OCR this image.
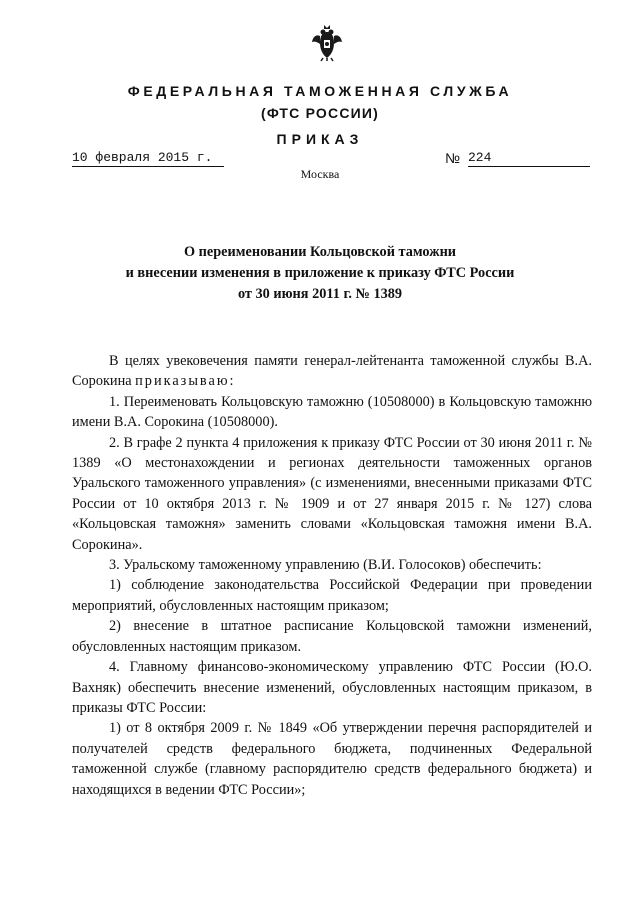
ФЕДЕРАЛЬНАЯ ТАМОЖЕННАЯ СЛУЖБА
(ФТС РОССИИ)
ПРИКАЗ
10 февраля 2015 г.	№ 224
Москва
О переименовании Кольцовской таможни
и внесении изменения в приложение к приказу ФТС России
от 30 июня 2011 г. № 1389

В целях увековечения памяти генерал-лейтенанта таможенной службы В.А. Сорокина приказываю:

1. Переименовать Кольцовскую таможню (10508000) в Кольцовскую таможню имени В.А. Сорокина (10508000).

2. В графе 2 пункта 4 приложения к приказу ФТС России от 30 июня 2011 г. № 1389 «О местонахождении и регионах деятельности таможенных органов Уральского таможенного управления» (с изменениями, внесенными приказами ФТС России от 10 октября 2013 г. № 1909 и от 27 января 2015 г. № 127) слова «Кольцовская таможня» заменить словами «Кольцовская таможня имени В.А. Сорокина».

3. Уральскому таможенному управлению (В.И. Голосоков) обеспечить:

1) соблюдение законодательства Российской Федерации при проведении мероприятий, обусловленных настоящим приказом;

2) внесение в штатное расписание Кольцовской таможни изменений, обусловленных настоящим приказом.

4. Главному финансово-экономическому управлению ФТС России (Ю.О. Вахняк) обеспечить внесение изменений, обусловленных настоящим приказом, в приказы ФТС России:

1) от 8 октября 2009 г. № 1849 «Об утверждении перечня распорядителей и получателей средств федерального бюджета, подчиненных Федеральной таможенной службе (главному распорядителю средств федерального бюджета) и находящихся в ведении ФТС России»;
